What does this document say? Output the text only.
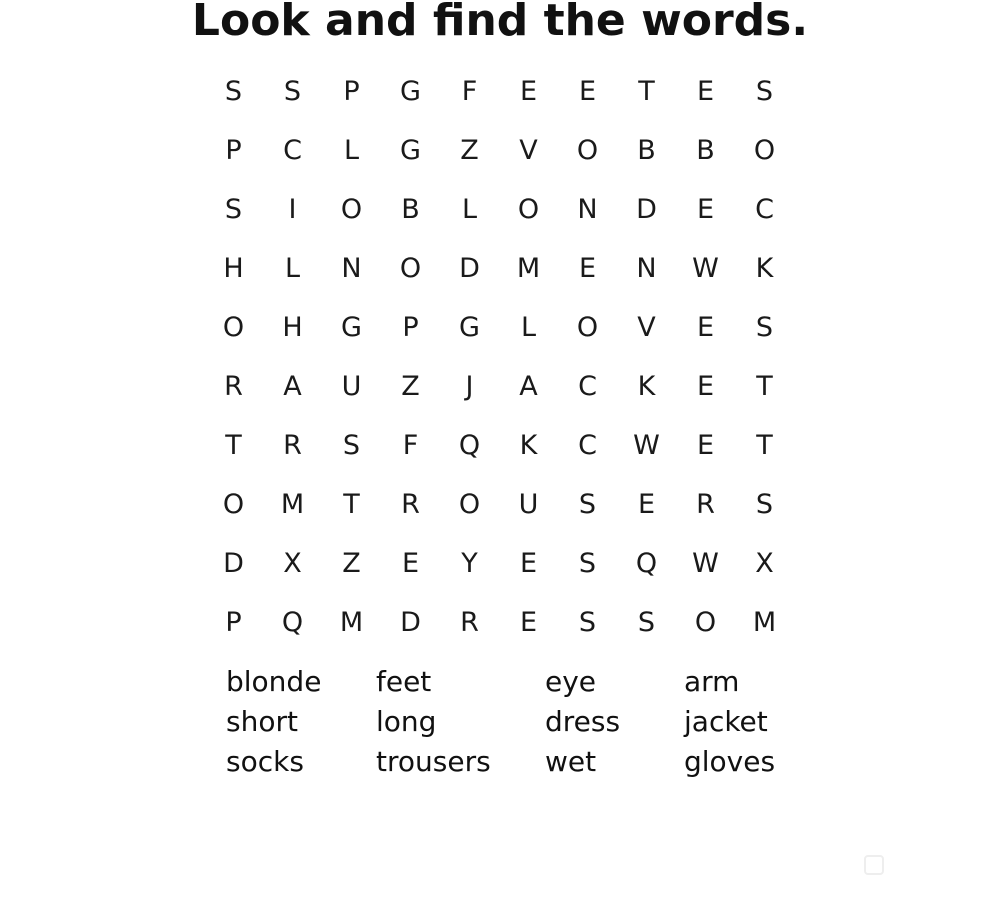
Look and find the words.
S	S	P	G	F	E	E	T	E	S
P	C	L	G	Z	V	O	B	B	O
S	I	O	B	L	O	N	D	E	C
H	L	N	O	D	M	E	N	W	K
O	H	G	P	G	L	O	V	E	S
R	A	U	Z	J	A	C	K	E	T
T	R	S	F	Q	K	C	W	E	T
O	M	T	R	O	U	S	E	R	S
D	X	Z	E	Y	E	S	Q	W	X
P	Q	M	D	R	E	S	S	O	M
blonde	feet	eye	arm
short	long	dress	jacket
socks	trousers	wet	gloves
